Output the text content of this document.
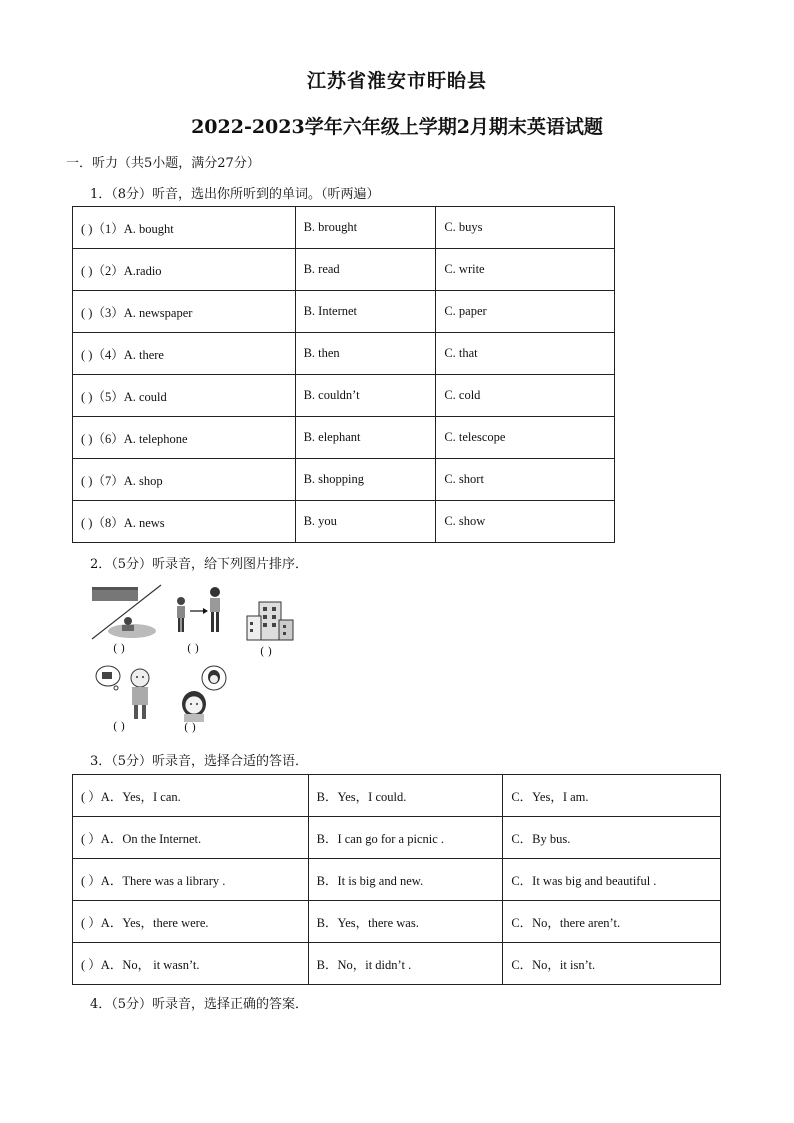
江苏省淮安市盱眙县
2022-2023学年六年级上学期2月期末英语试题
一．听力（共5小题，满分27分）
1．（8分）听音，选出你所听到的单词。（听两遍）
( )（1）A. bought	B. brought	C. buys
( )（2）A.radio	B. read	C. write
( )（3）A. newspaper	B. Internet	C. paper
( )（4）A. there	B. then	C. that
( )（5）A. could	B. couldn’t	C. cold
( )（6）A. telephone	B. elephant	C. telescope
( )（7）A. shop	B. shopping	C. short
( )（8）A. news	B. you	C. show
2．（5分）听录音，给下列图片排序．
( )	( )	( )
( )	( )
3．（5分）听录音，选择合适的答语．
( ）A．Yes，I can.	B．Yes，I could.	C．Yes，I am.
( ）A．On the Internet.	B．I can go for a picnic .	C．By bus.
( ）A．There was a library .	B．It is big and new.	C．It was big and beautiful .
( ）A．Yes，there were.	B．Yes，there was.	C．No，there aren’t.
( ）A．No， it wasn’t.	B．No，it didn’t .	C．No，it isn’t.
4．（5分）听录音，选择正确的答案．
